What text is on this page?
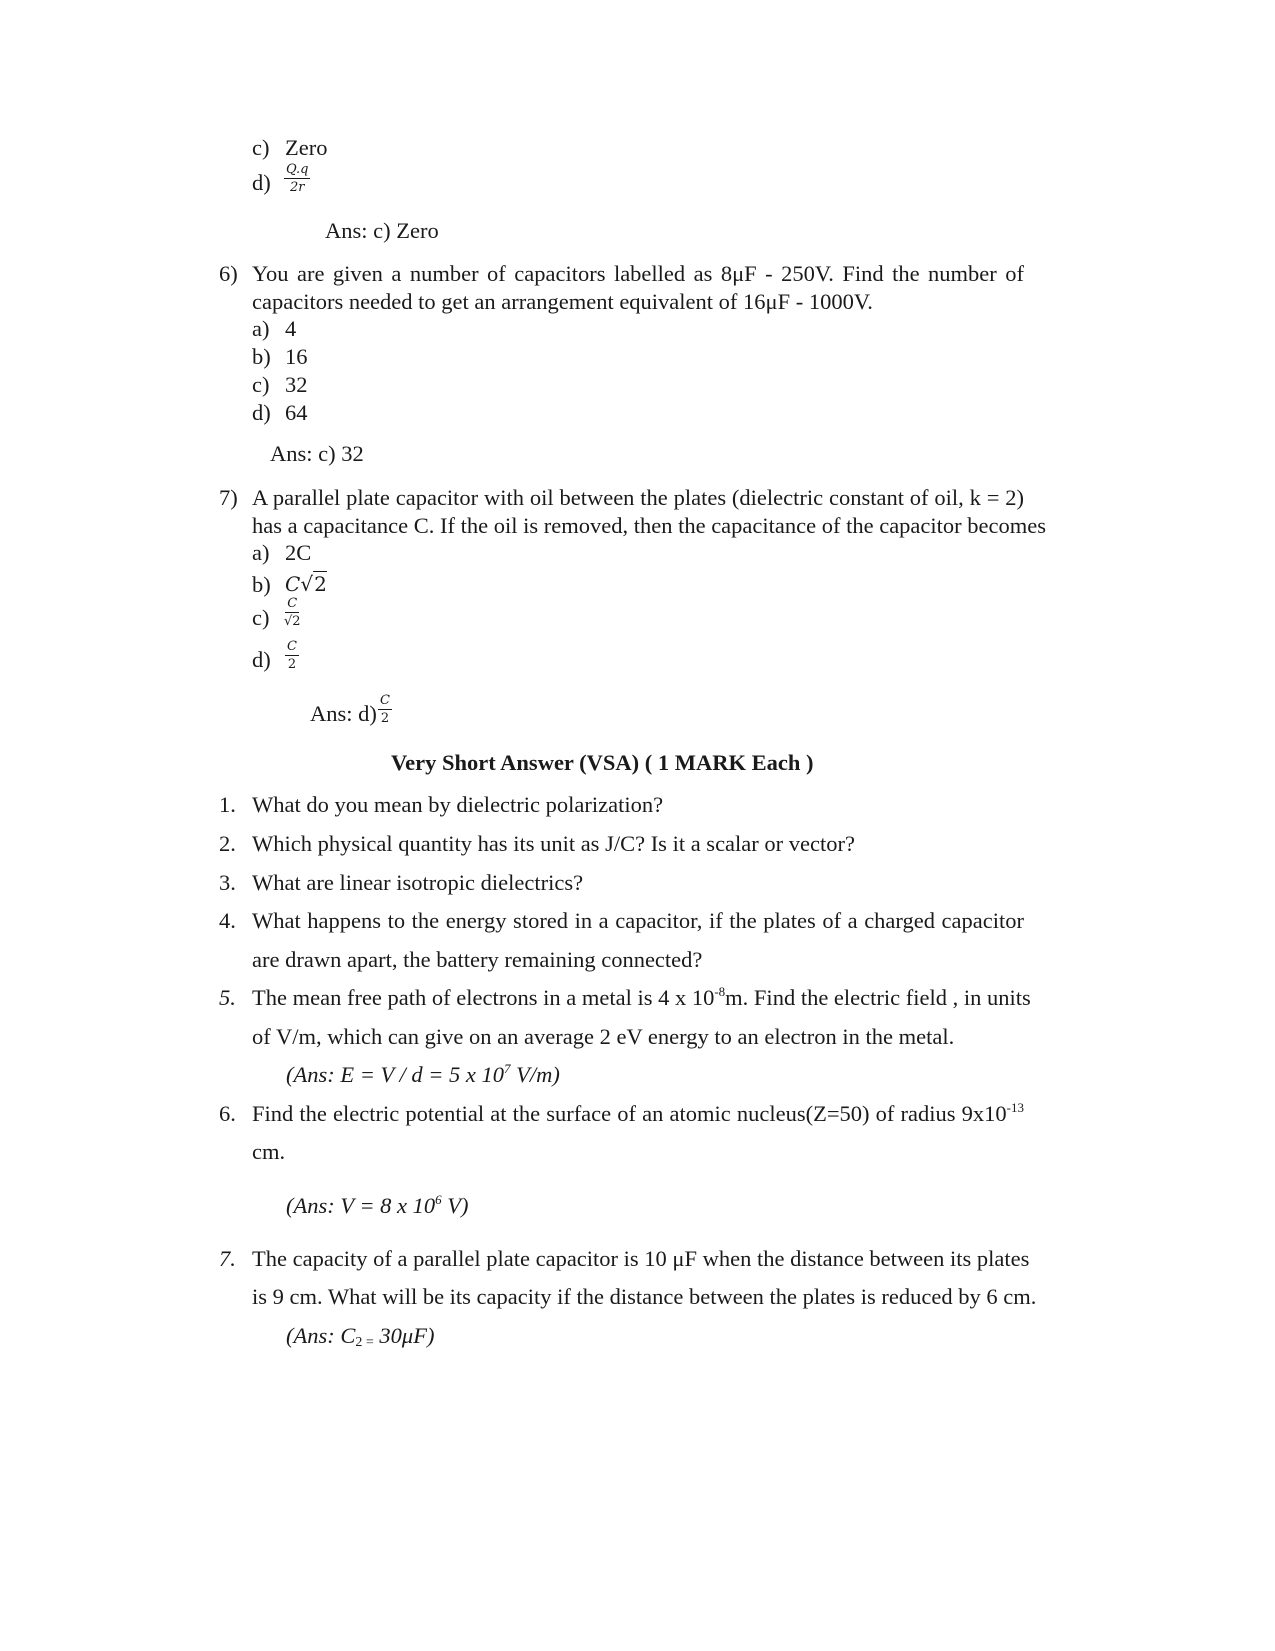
c) Zero
$d) \frac{Q.q}{2r}$
Ans: c) Zero
6) You are given a number of capacitors labelled as 8μF - 250V. Find the number of
capacitors needed to get an arrangement equivalent of 16μF - 1000V.
a) 4
b) 16
c) 32
d) 64
Ans: c) 32
7) A parallel plate capacitor with oil between the plates (dielectric constant of oil, k = 2)
has a capacitance C. If the oil is removed, then the capacitance of the capacitor becomes
a) 2C
b) C√2
$c) \frac{C}{√2}$
$d) \frac{C}{2}$
Ans: $d) \frac{C}{2}$
Very Short Answer (VSA) ( 1 MARK Each )
1. What do you mean by dielectric polarization?
2. Which physical quantity has its unit as J/C? Is it a scalar or vector?
3. What are linear isotropic dielectrics?
4. What happens to the energy stored in a capacitor, if the plates of a charged capacitor
are drawn apart, the battery remaining connected?
5. The mean free path of electrons in a metal is 4 x $10^{-8}m$. Find the electric field , in units
of V/m, which can give on an average 2 eV energy to an electron in the metal.
(Ans: E = V / d = 5 x $10^7$ V/m)
6. Find the electric potential at the surface of an atomic nucleus(Z=50) of radius $9x10^{-13}$
cm.
(Ans: V = 8 x $10^6$ V)
7. The capacity of a parallel plate capacitor is 10 μF when the distance between its plates
is 9 cm. What will be its capacity if the distance between the plates is reduced by 6 cm.
(Ans: $C_{2 =}$ 30μF)
